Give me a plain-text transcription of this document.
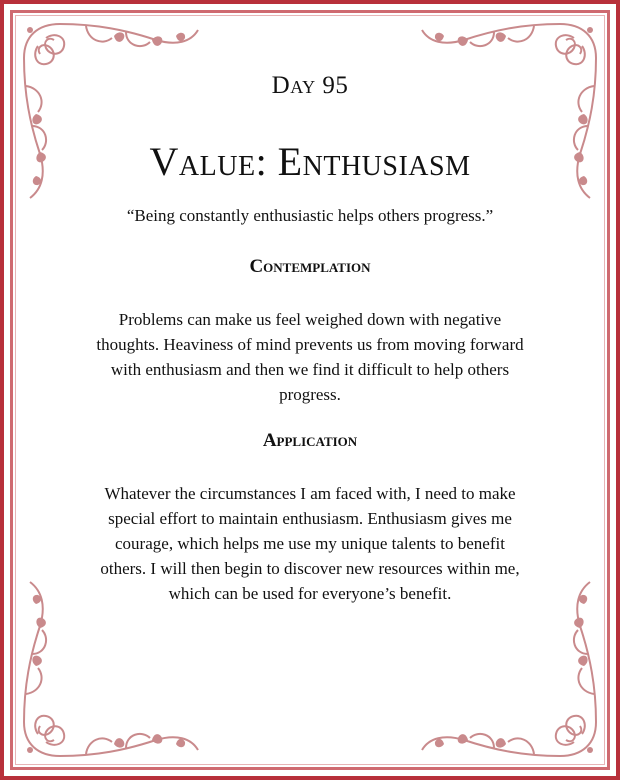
Day 95
Value: Enthusiasm
“Being constantly enthusiastic helps others progress.”
Contemplation
Problems can make us feel weighed down with negative
thoughts. Heaviness of mind prevents us from moving forward
with enthusiasm and then we find it difficult to help others
progress.
Application
Whatever the circumstances I am faced with, I need to make
special effort to maintain enthusiasm. Enthusiasm gives me
courage, which helps me use my unique talents to benefit
others. I will then begin to discover new resources within me,
which can be used for everyone’s benefit.
